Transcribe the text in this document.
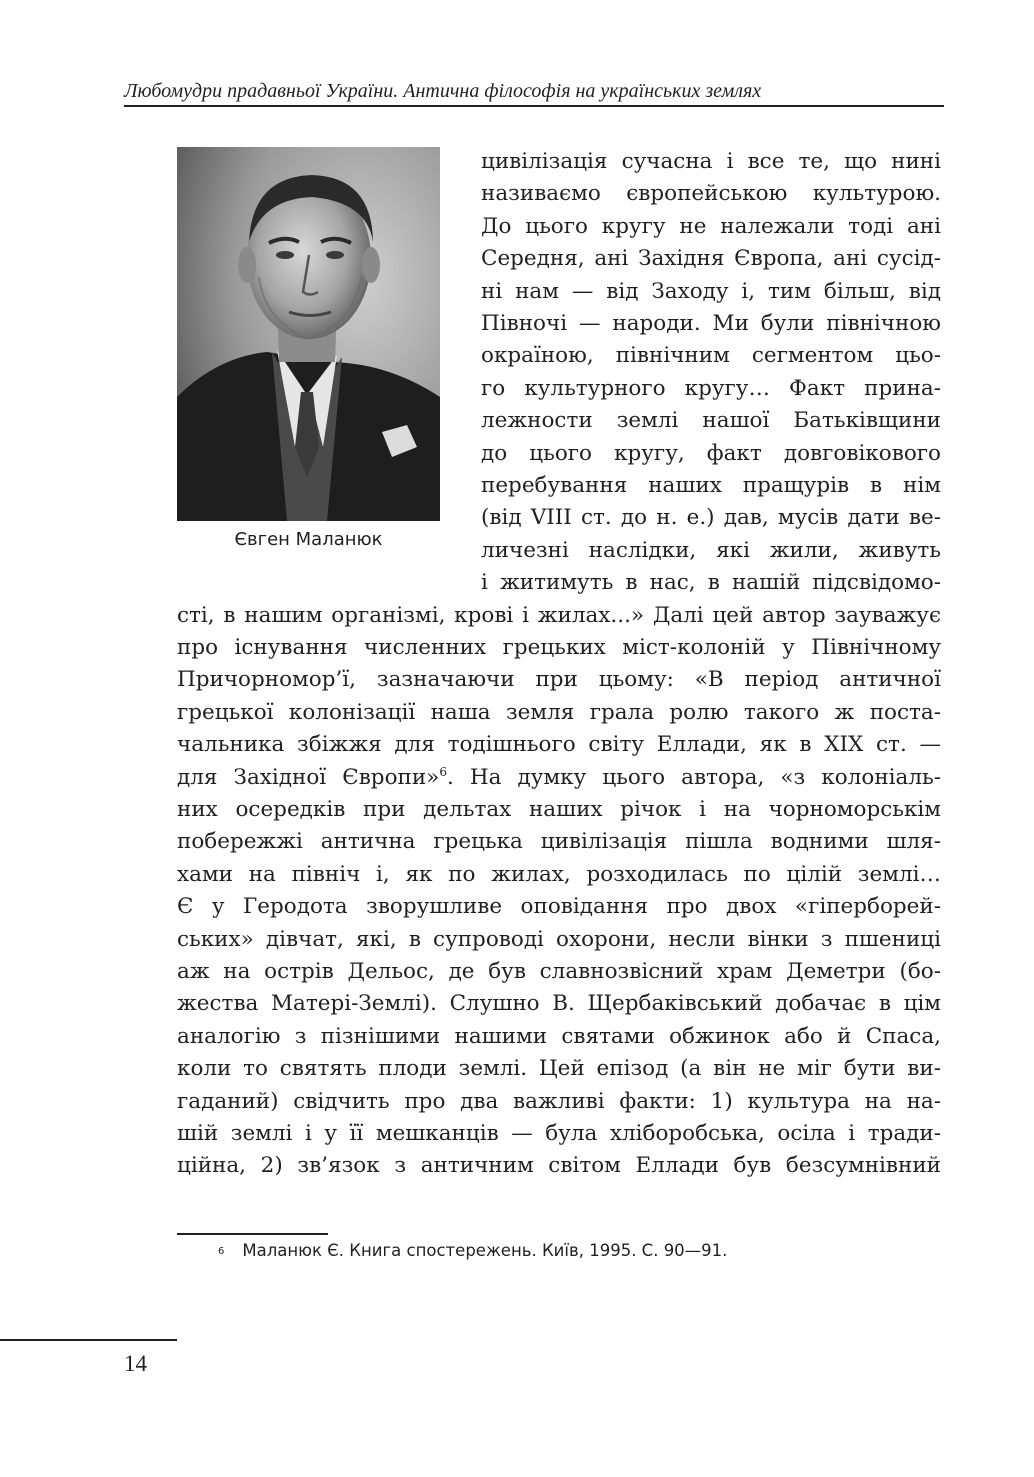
Любомудри прадавньої України. Античнa філософія на українських землях
Євген Маланюк
цивілізація сучасна і все те, що нині
називаємо європейською культурою.
До цього кругу не належали тоді ані
Середня, ані Західня Європа, ані сусід-
ні нам — від Заходу і, тим більш, від
Півночі — народи. Ми були північною
окраїною, північним сегментом цьо-
го культурного кругу… Факт прина-
лежности землі нашої Батьківщини
до цього кругу, факт довговікового
перебування наших пращурів в нім
(від VIII ст. до н. е.) дав, мусів дати ве-
личезні наслідки, які жили, живуть
і житимуть в нас, в нашій підсвідомо-
сті, в нашим організмі, крові і жилах...» Далі цей автор зауважує
про існування численних грецьких міст-колоній у Північному
Причорномор’ї, зазначаючи при цьому: «В період античної
грецької колонізації наша земля грала ролю такого ж поста-
чальника збіжжя для тодішнього світу Еллади, як в XIX ст. —
для Західної Європи»$^6$. На думку цього автора, «з колоніаль-
них осередків при дельтах наших річок і на чорноморськім
побережжі антична грецька цивілізація пішла водними шля-
хами на північ і, як по жилах, розходилась по цілій землі…
Є у Геродота зворушливе оповідання про двох «гіперборей-
ських» дівчат, які, в супроводі охорони, несли вінки з пшениці
аж на острів Дельос, де був славнозвісний храм Деметри (бо-
жества Матері-Землі). Слушно В. Щербаківський добачає в цім
аналогію з пізнішими нашими святами обжинок або й Спаса,
коли то святять плоди землі. Цей епізод (а він не міг бути ви-
гаданий) свідчить про два важливі факти: 1) культура на на-
шій землі і у її мешканців — була хліборобська, осіла і тради-
ційна, 2) зв’язок з античним світом Еллади був безсумнівний
$^6$ Маланюк Є. Книга спостережень. Київ, 1995. С. 90—91.
14
